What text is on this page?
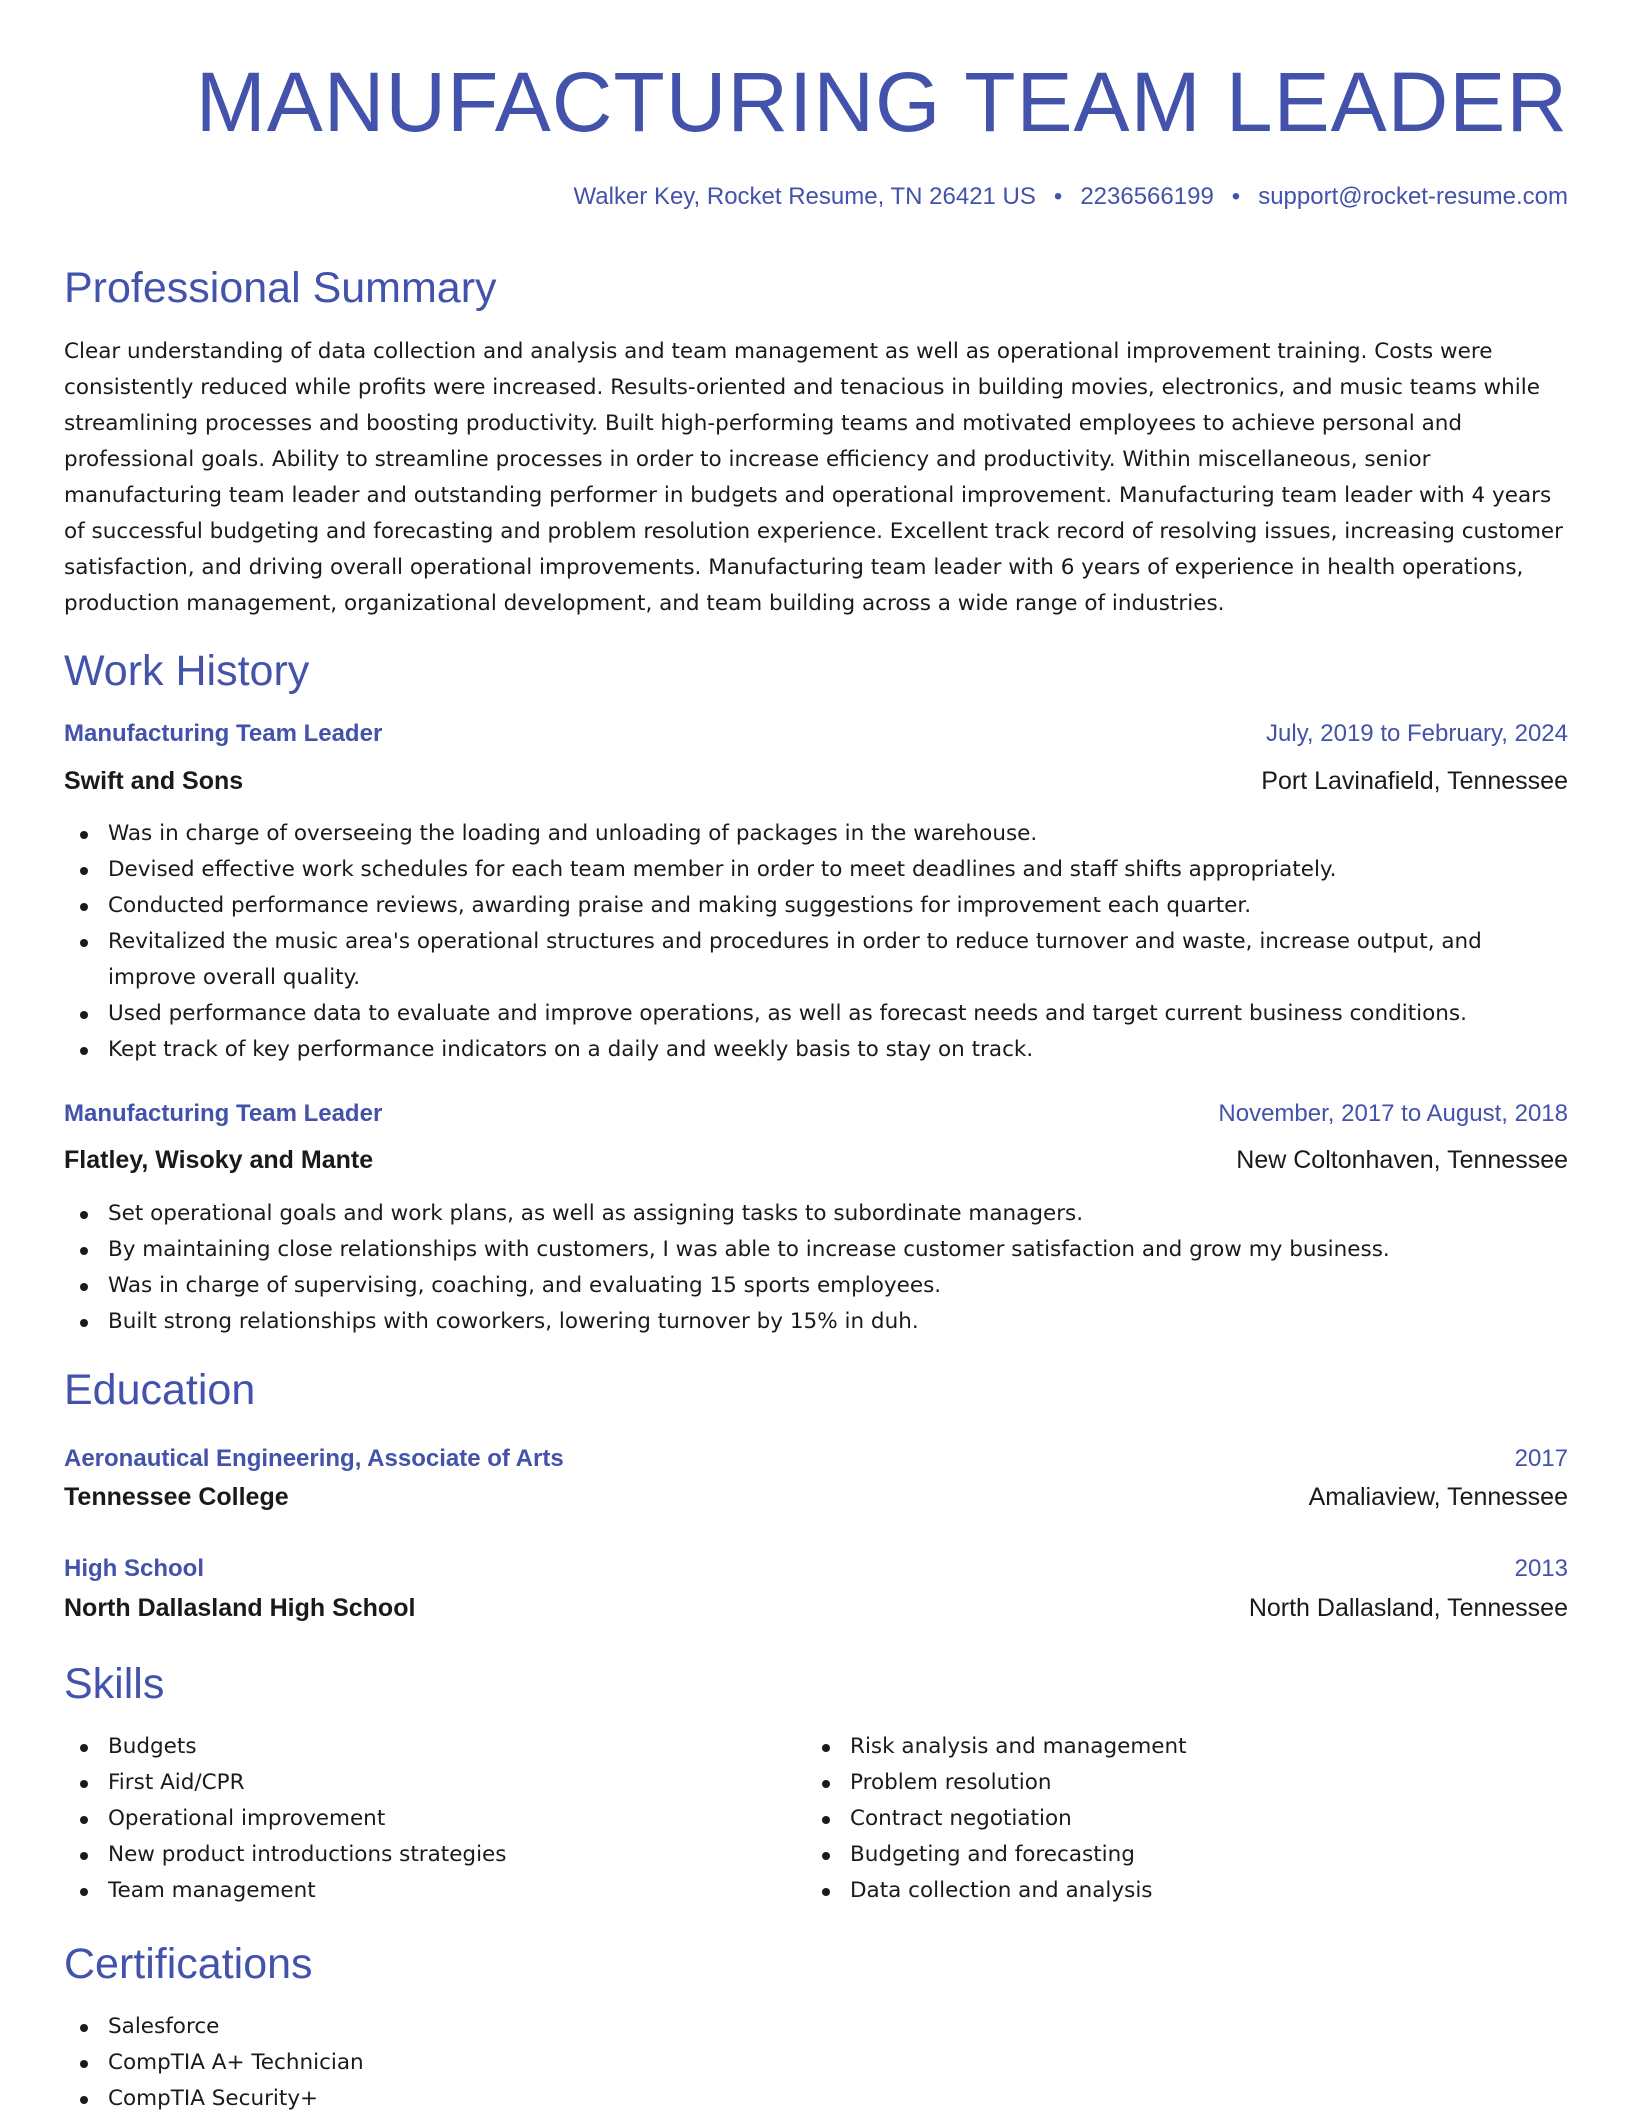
MANUFACTURING TEAM LEADER
Walker Key, Rocket Resume, TN 26421 US • 2236566199 • support@rocket-resume.com
Professional Summary

Clear understanding of data collection and analysis and team management as well as operational improvement training. Costs were consistently reduced while profits were increased. Results-oriented and tenacious in building movies, electronics, and music teams while streamlining processes and boosting productivity. Built high-performing teams and motivated employees to achieve personal and professional goals. Ability to streamline processes in order to increase efficiency and productivity. Within miscellaneous, senior manufacturing team leader and outstanding performer in budgets and operational improvement. Manufacturing team leader with 4 years of successful budgeting and forecasting and problem resolution experience. Excellent track record of resolving issues, increasing customer satisfaction, and driving overall operational improvements. Manufacturing team leader with 6 years of experience in health operations, production management, organizational development, and team building across a wide range of industries.

Work History
Manufacturing Team Leader	July, 2019 to February, 2024
Swift and Sons	Port Lavinafield, Tennessee
Was in charge of overseeing the loading and unloading of packages in the warehouse.
Devised effective work schedules for each team member in order to meet deadlines and staff shifts appropriately.
Conducted performance reviews, awarding praise and making suggestions for improvement each quarter.
Revitalized the music area's operational structures and procedures in order to reduce turnover and waste, increase output, and improve overall quality.
Used performance data to evaluate and improve operations, as well as forecast needs and target current business conditions.
Kept track of key performance indicators on a daily and weekly basis to stay on track.
Manufacturing Team Leader	November, 2017 to August, 2018
Flatley, Wisoky and Mante	New Coltonhaven, Tennessee
Set operational goals and work plans, as well as assigning tasks to subordinate managers.
By maintaining close relationships with customers, I was able to increase customer satisfaction and grow my business.
Was in charge of supervising, coaching, and evaluating 15 sports employees.
Built strong relationships with coworkers, lowering turnover by 15% in duh.
Education
Aeronautical Engineering, Associate of Arts	2017
Tennessee College	Amaliaview, Tennessee
High School	2013
North Dallasland High School	North Dallasland, Tennessee
Skills
Budgets
First Aid/CPR
Operational improvement
New product introductions strategies
Team management
Risk analysis and management
Problem resolution
Contract negotiation
Budgeting and forecasting
Data collection and analysis
Certifications
Salesforce
CompTIA A+ Technician
CompTIA Security+
